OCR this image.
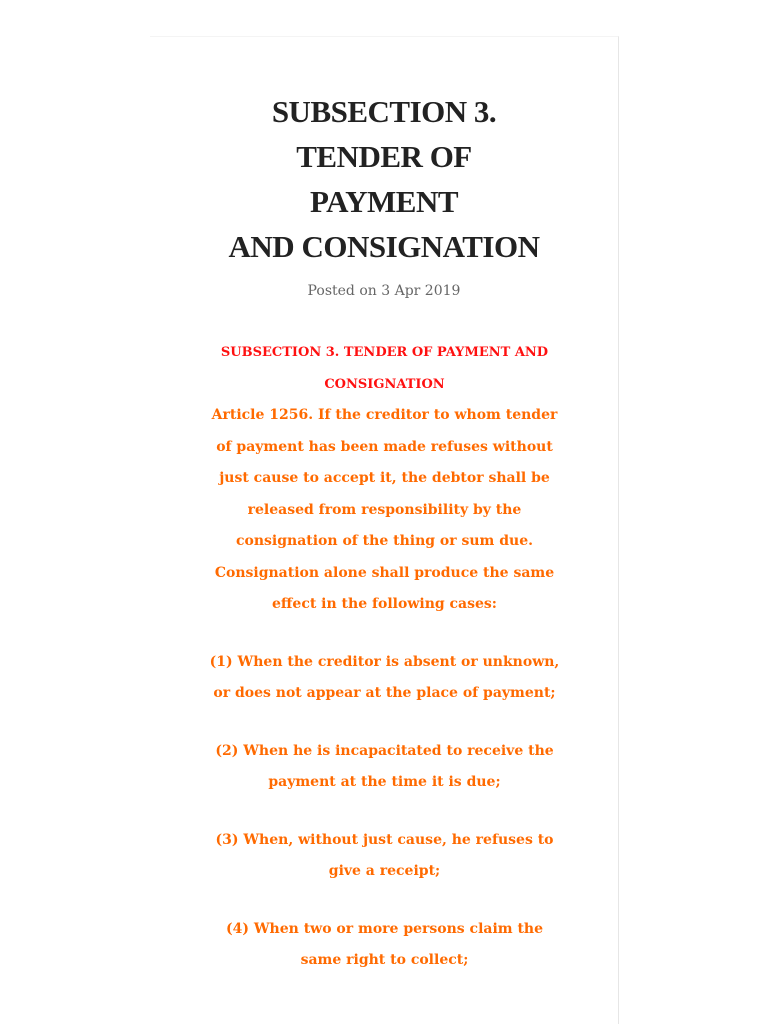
SUBSECTION 3.
TENDER OF
PAYMENT
AND CONSIGNATION
Posted on 3 Apr 2019

SUBSECTION 3. TENDER OF PAYMENT AND CONSIGNATION

Article 1256. If the creditor to whom tender of payment has been made refuses without just cause to accept it, the debtor shall be released from responsibility by the consignation of the thing or sum due. Consignation alone shall produce the same effect in the following cases:

(1) When the creditor is absent or unknown, or does not appear at the place of payment;

(2) When he is incapacitated to receive the payment at the time it is due;

(3) When, without just cause, he refuses to give a receipt;

(4) When two or more persons claim the same right to collect;
